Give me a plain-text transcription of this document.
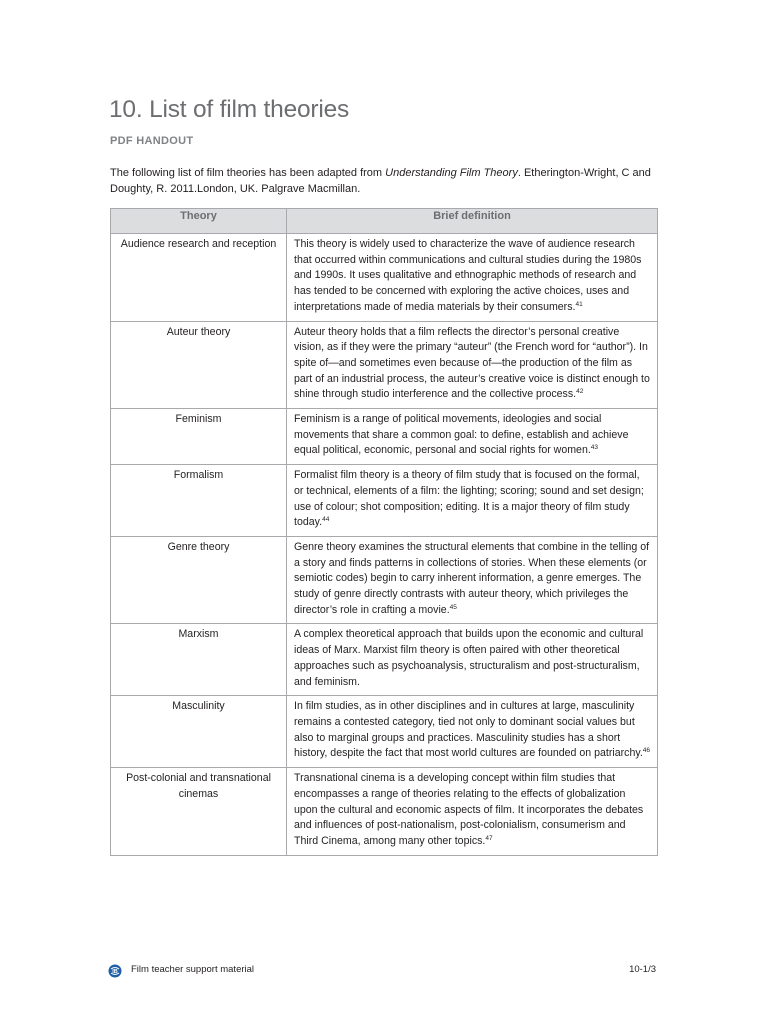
10. List of film theories
PDF HANDOUT

The following list of film theories has been adapted from Understanding Film Theory. Etherington-Wright, C and Doughty, R. 2011.London, UK. Palgrave Macmillan.

Theory	Brief definition
Audience research and reception	This theory is widely used to characterize the wave of audience research that occurred within communications and cultural studies during the 1980s and 1990s. It uses qualitative and ethnographic methods of research and has tended to be concerned with exploring the active choices, uses and interpretations made of media materials by their consumers.$^{41}$
Auteur theory	Auteur theory holds that a film reflects the director’s personal creative vision, as if they were the primary “auteur” (the French word for “author”). In spite of—and sometimes even because of—the production of the film as part of an industrial process, the auteur’s creative voice is distinct enough to shine through studio interference and the collective process.$^{42}$
Feminism	Feminism is a range of political movements, ideologies and social movements that share a common goal: to define, establish and achieve equal political, economic, personal and social rights for women.$^{43}$
Formalism	Formalist film theory is a theory of film study that is focused on the formal, or technical, elements of a film: the lighting; scoring; sound and set design; use of colour; shot composition; editing. It is a major theory of film study today.$^{44}$
Genre theory	Genre theory examines the structural elements that combine in the telling of a story and finds patterns in collections of stories. When these elements (or semiotic codes) begin to carry inherent information, a genre emerges. The study of genre directly contrasts with auteur theory, which privileges the director’s role in crafting a movie.$^{45}$
Marxism	A complex theoretical approach that builds upon the economic and cultural ideas of Marx. Marxist film theory is often paired with other theoretical approaches such as psychoanalysis, structuralism and post-structuralism, and feminism.
Masculinity	In film studies, as in other disciplines and in cultures at large, masculinity remains a contested category, tied not only to dominant social values but also to marginal groups and practices. Masculinity studies has a short history, despite the fact that most world cultures are founded on patriarchy.$^{46}$
Post-colonial and transnational cinemas	Transnational cinema is a developing concept within film studies that encompasses a range of theories relating to the effects of globalization upon the cultural and economic aspects of film. It incorporates the debates and influences of post-nationalism, post-colonialism, consumerism and Third Cinema, among many other topics.$^{47}$
IB Film teacher support material	10-1/3
